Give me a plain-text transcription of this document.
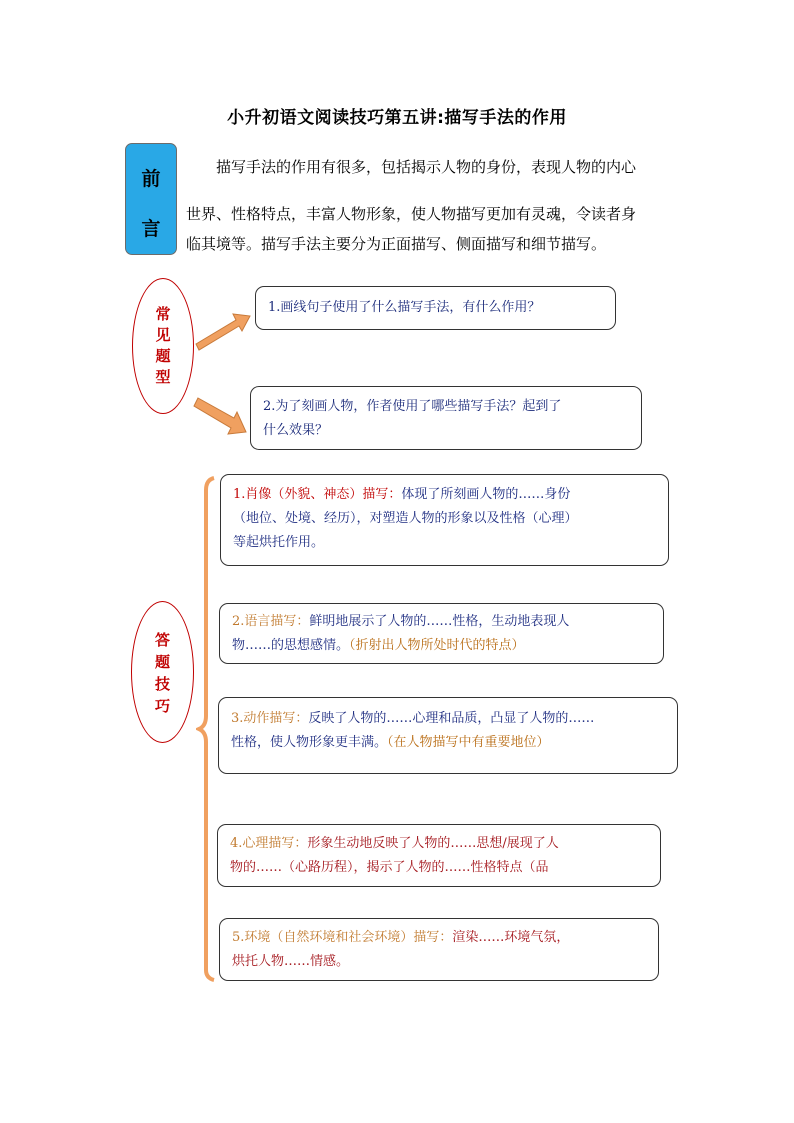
小升初语文阅读技巧第五讲:描写手法的作用
前
言
描写手法的作用有很多，包括揭示人物的身份，表现人物的内心
世界、性格特点，丰富人物形象，使人物描写更加有灵魂，令读者身
临其境等。描写手法主要分为正面描写、侧面描写和细节描写。
常
见
题
型
1.画线句子使用了什么描写手法，有什么作用？
2.为了刻画人物，作者使用了哪些描写手法？起到了
什么效果？
答
题
技
巧
1.肖像（外貌、神态）描写：体现了所刻画人物的……身份
（地位、处境、经历），对塑造人物的形象以及性格（心理）
等起烘托作用。
2.语言描写：鲜明地展示了人物的……性格，生动地表现人
物……的思想感情。（折射出人物所处时代的特点）
3.动作描写：反映了人物的……心理和品质，凸显了人物的……
性格，使人物形象更丰满。（在人物描写中有重要地位）
4.心理描写：形象生动地反映了人物的……思想/展现了人
物的……（心路历程），揭示了人物的……性格特点（品
5.环境（自然环境和社会环境）描写：渲染……环境气氛，
烘托人物……情感。
